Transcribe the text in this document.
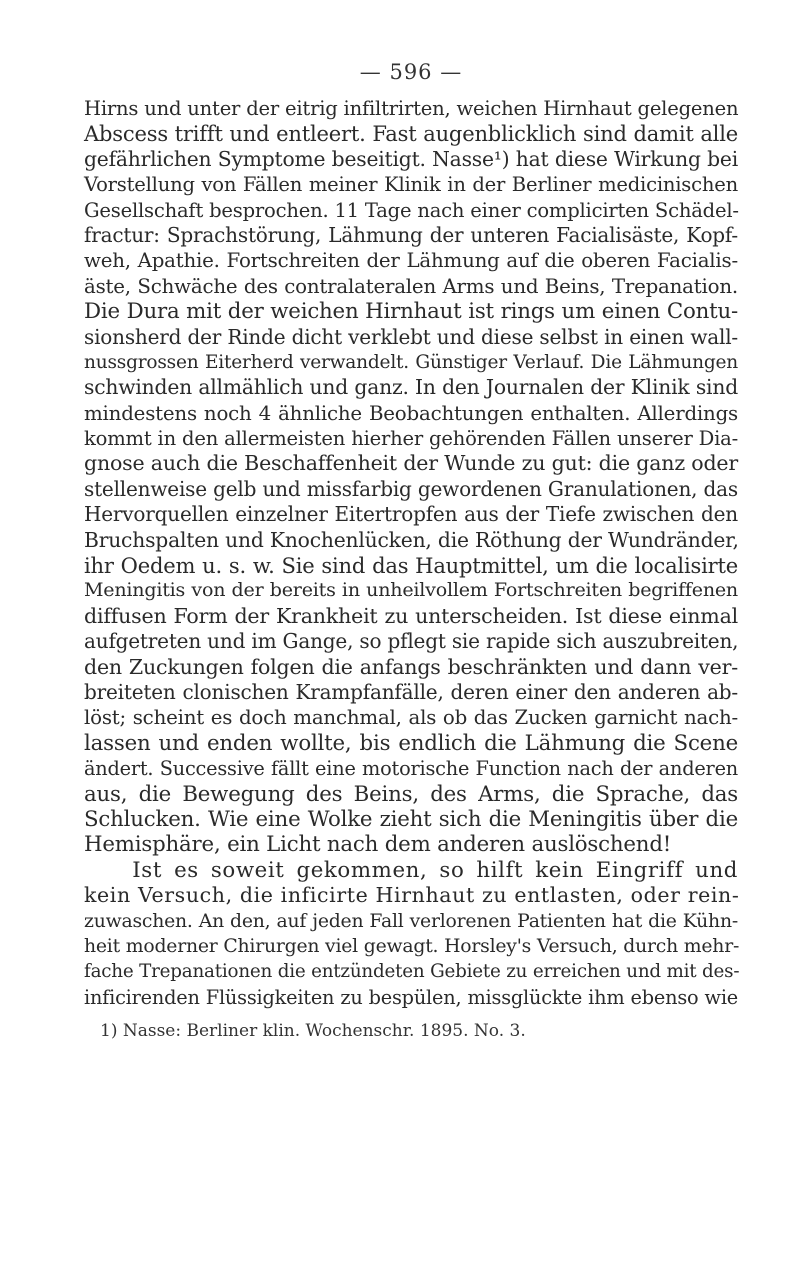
— 596 —
Hirns und unter der eitrig infiltrirten, weichen Hirnhaut gelegenen
Abscess trifft und entleert. Fast augenblicklich sind damit alle
gefährlichen Symptome beseitigt. Nasse¹) hat diese Wirkung bei
Vorstellung von Fällen meiner Klinik in der Berliner medicinischen
Gesellschaft besprochen. 11 Tage nach einer complicirten Schädel-
fractur: Sprachstörung, Lähmung der unteren Facialisäste, Kopf-
weh, Apathie. Fortschreiten der Lähmung auf die oberen Facialis-
äste, Schwäche des contralateralen Arms und Beins, Trepanation.
Die Dura mit der weichen Hirnhaut ist rings um einen Contu-
sionsherd der Rinde dicht verklebt und diese selbst in einen wall-
nussgrossen Eiterherd verwandelt. Günstiger Verlauf. Die Lähmungen
schwinden allmählich und ganz. In den Journalen der Klinik sind
mindestens noch 4 ähnliche Beobachtungen enthalten. Allerdings
kommt in den allermeisten hierher gehörenden Fällen unserer Dia-
gnose auch die Beschaffenheit der Wunde zu gut: die ganz oder
stellenweise gelb und missfarbig gewordenen Granulationen, das
Hervorquellen einzelner Eitertropfen aus der Tiefe zwischen den
Bruchspalten und Knochenlücken, die Röthung der Wundränder,
ihr Oedem u. s. w. Sie sind das Hauptmittel, um die localisirte
Meningitis von der bereits in unheilvollem Fortschreiten begriffenen
diffusen Form der Krankheit zu unterscheiden. Ist diese einmal
aufgetreten und im Gange, so pflegt sie rapide sich auszubreiten,
den Zuckungen folgen die anfangs beschränkten und dann ver-
breiteten clonischen Krampfanfälle, deren einer den anderen ab-
löst; scheint es doch manchmal, als ob das Zucken garnicht nach-
lassen und enden wollte, bis endlich die Lähmung die Scene
ändert. Successive fällt eine motorische Function nach der anderen
aus, die Bewegung des Beins, des Arms, die Sprache, das
Schlucken. Wie eine Wolke zieht sich die Meningitis über die
Hemisphäre, ein Licht nach dem anderen auslöschend!
Ist es soweit gekommen, so hilft kein Eingriff und
kein Versuch, die inficirte Hirnhaut zu entlasten, oder rein-
zuwaschen. An den, auf jeden Fall verlorenen Patienten hat die Kühn-
heit moderner Chirurgen viel gewagt. Horsley's Versuch, durch mehr-
fache Trepanationen die entzündeten Gebiete zu erreichen und mit des-
inficirenden Flüssigkeiten zu bespülen, missglückte ihm ebenso wie
1) Nasse: Berliner klin. Wochenschr. 1895. No. 3.
